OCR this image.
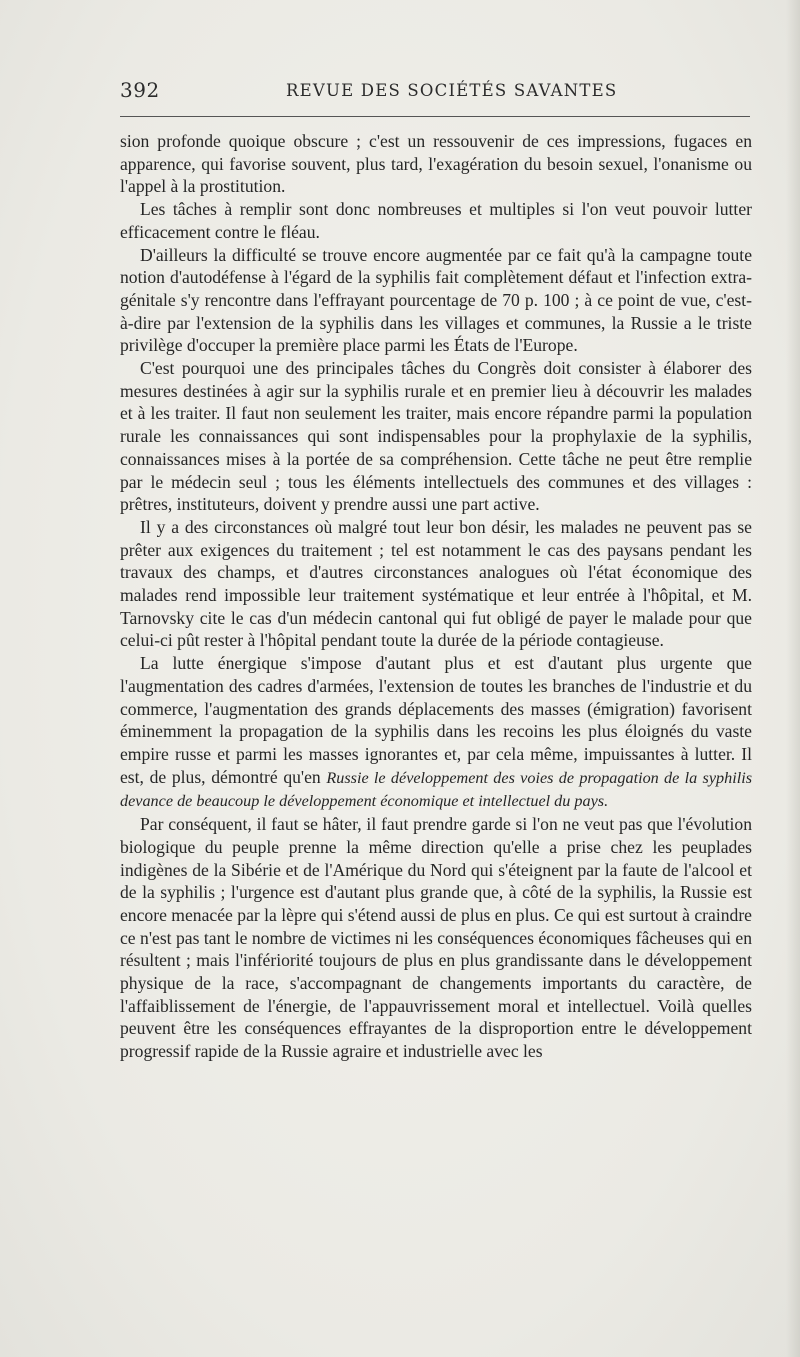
392	REVUE DES SOCIÉTÉS SAVANTES

sion profonde quoique obscure ; c'est un ressouvenir de ces impressions, fugaces en apparence, qui favorise souvent, plus tard, l'exagération du besoin sexuel, l'onanisme ou l'appel à la prostitution.

Les tâches à remplir sont donc nombreuses et multiples si l'on veut pouvoir lutter efficacement contre le fléau.

D'ailleurs la difficulté se trouve encore augmentée par ce fait qu'à la campagne toute notion d'autodéfense à l'égard de la syphilis fait complètement défaut et l'infection extra-génitale s'y rencontre dans l'effrayant pourcentage de 70 p. 100 ; à ce point de vue, c'est-à-dire par l'extension de la syphilis dans les villages et communes, la Russie a le triste privilège d'occuper la première place parmi les États de l'Europe.

C'est pourquoi une des principales tâches du Congrès doit consister à élaborer des mesures destinées à agir sur la syphilis rurale et en premier lieu à découvrir les malades et à les traiter. Il faut non seulement les traiter, mais encore répandre parmi la population rurale les connaissances qui sont indispensables pour la prophylaxie de la syphilis, connaissances mises à la portée de sa compréhension. Cette tâche ne peut être remplie par le médecin seul ; tous les éléments intellectuels des communes et des villages : prêtres, instituteurs, doivent y prendre aussi une part active.

Il y a des circonstances où malgré tout leur bon désir, les malades ne peuvent pas se prêter aux exigences du traitement ; tel est notamment le cas des paysans pendant les travaux des champs, et d'autres circonstances analogues où l'état économique des malades rend impossible leur traitement systématique et leur entrée à l'hôpital, et M. Tarnovsky cite le cas d'un médecin cantonal qui fut obligé de payer le malade pour que celui-ci pût rester à l'hôpital pendant toute la durée de la période contagieuse.

La lutte énergique s'impose d'autant plus et est d'autant plus urgente que l'augmentation des cadres d'armées, l'extension de toutes les branches de l'industrie et du commerce, l'augmentation des grands déplacements des masses (émigration) favorisent éminemment la propagation de la syphilis dans les recoins les plus éloignés du vaste empire russe et parmi les masses ignorantes et, par cela même, impuissantes à lutter. Il est, de plus, démontré qu'en Russie le développement des voies de propagation de la syphilis devance de beaucoup le développement économique et intellectuel du pays.

Par conséquent, il faut se hâter, il faut prendre garde si l'on ne veut pas que l'évolution biologique du peuple prenne la même direction qu'elle a prise chez les peuplades indigènes de la Sibérie et de l'Amérique du Nord qui s'éteignent par la faute de l'alcool et de la syphilis ; l'urgence est d'autant plus grande que, à côté de la syphilis, la Russie est encore menacée par la lèpre qui s'étend aussi de plus en plus. Ce qui est surtout à craindre ce n'est pas tant le nombre de victimes ni les conséquences économiques fâcheuses qui en résultent ; mais l'infériorité toujours de plus en plus grandissante dans le développement physique de la race, s'accompagnant de changements importants du caractère, de l'affaiblissement de l'énergie, de l'appauvrissement moral et intellectuel. Voilà quelles peuvent être les conséquences effrayantes de la disproportion entre le développement progressif rapide de la Russie agraire et industrielle avec les
